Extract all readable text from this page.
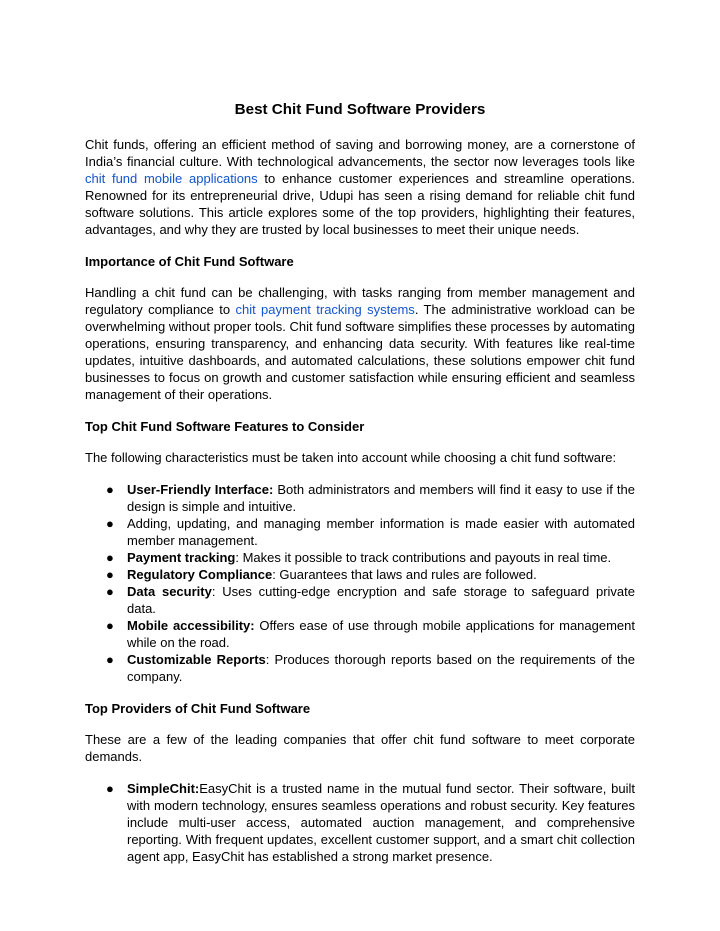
Best Chit Fund Software Providers

Chit funds, offering an efficient method of saving and borrowing money, are a cornerstone of India’s financial culture. With technological advancements, the sector now leverages tools like chit fund mobile applications to enhance customer experiences and streamline operations. Renowned for its entrepreneurial drive, Udupi has seen a rising demand for reliable chit fund software solutions. This article explores some of the top providers, highlighting their features, advantages, and why they are trusted by local businesses to meet their unique needs.

Importance of Chit Fund Software

Handling a chit fund can be challenging, with tasks ranging from member management and regulatory compliance to chit payment tracking systems. The administrative workload can be overwhelming without proper tools. Chit fund software simplifies these processes by automating operations, ensuring transparency, and enhancing data security. With features like real-time updates, intuitive dashboards, and automated calculations, these solutions empower chit fund businesses to focus on growth and customer satisfaction while ensuring efficient and seamless management of their operations.

Top Chit Fund Software Features to Consider

The following characteristics must be taken into account while choosing a chit fund software:

● User-Friendly Interface: Both administrators and members will find it easy to use if the design is simple and intuitive.
● Adding, updating, and managing member information is made easier with automated member management.
● Payment tracking: Makes it possible to track contributions and payouts in real time.
● Regulatory Compliance: Guarantees that laws and rules are followed.
● Data security: Uses cutting-edge encryption and safe storage to safeguard private data.
● Mobile accessibility: Offers ease of use through mobile applications for management while on the road.
● Customizable Reports: Produces thorough reports based on the requirements of the company.
Top Providers of Chit Fund Software

These are a few of the leading companies that offer chit fund software to meet corporate demands.

● SimpleChit:EasyChit is a trusted name in the mutual fund sector. Their software, built with modern technology, ensures seamless operations and robust security. Key features include multi-user access, automated auction management, and comprehensive reporting. With frequent updates, excellent customer support, and a smart chit collection agent app, EasyChit has established a strong market presence.
